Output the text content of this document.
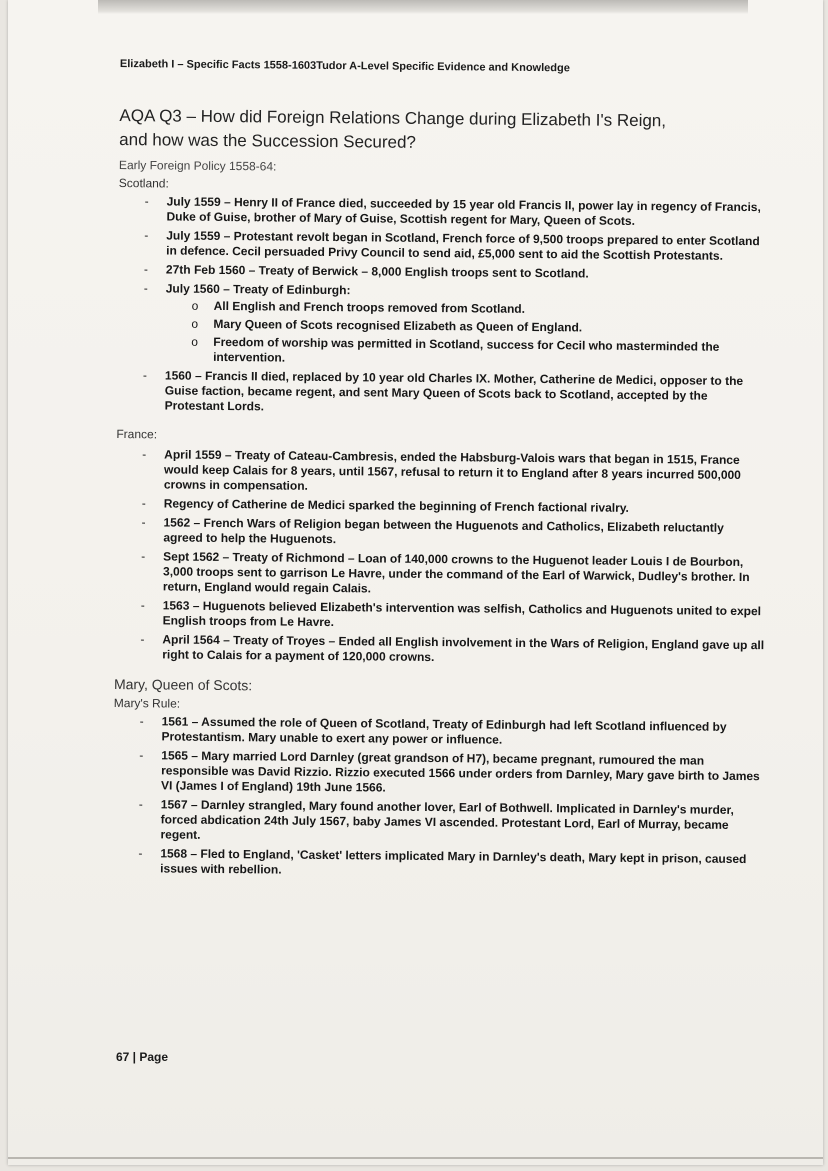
Elizabeth I – Specific Facts 1558-1603Tudor A-Level Specific Evidence and Knowledge

AQA Q3 – How did Foreign Relations Change during Elizabeth I's Reign,
and how was the Succession Secured?
Early Foreign Policy 1558-64:
Scotland:
- July 1559 – Henry II of France died, succeeded by 15 year old Francis II, power lay in regency of Francis, Duke of Guise, brother of Mary of Guise, Scottish regent for Mary, Queen of Scots.
- July 1559 – Protestant revolt began in Scotland, French force of 9,500 troops prepared to enter Scotland in defence. Cecil persuaded Privy Council to send aid, £5,000 sent to aid the Scottish Protestants.
- 27th Feb 1560 – Treaty of Berwick – 8,000 English troops sent to Scotland.
- July 1560 – Treaty of Edinburgh:
o All English and French troops removed from Scotland.
o Mary Queen of Scots recognised Elizabeth as Queen of England.
o Freedom of worship was permitted in Scotland, success for Cecil who masterminded the intervention.
- 1560 – Francis II died, replaced by 10 year old Charles IX. Mother, Catherine de Medici, opposer to the Guise faction, became regent, and sent Mary Queen of Scots back to Scotland, accepted by the Protestant Lords.
France:
- April 1559 – Treaty of Cateau-Cambresis, ended the Habsburg-Valois wars that began in 1515, France would keep Calais for 8 years, until 1567, refusal to return it to England after 8 years incurred 500,000 crowns in compensation.
- Regency of Catherine de Medici sparked the beginning of French factional rivalry.
- 1562 – French Wars of Religion began between the Huguenots and Catholics, Elizabeth reluctantly agreed to help the Huguenots.
- Sept 1562 – Treaty of Richmond – Loan of 140,000 crowns to the Huguenot leader Louis I de Bourbon, 3,000 troops sent to garrison Le Havre, under the command of the Earl of Warwick, Dudley's brother. In return, England would regain Calais.
- 1563 – Huguenots believed Elizabeth's intervention was selfish, Catholics and Huguenots united to expel English troops from Le Havre.
- April 1564 – Treaty of Troyes – Ended all English involvement in the Wars of Religion, England gave up all right to Calais for a payment of 120,000 crowns.
Mary, Queen of Scots:
Mary's Rule:
- 1561 – Assumed the role of Queen of Scotland, Treaty of Edinburgh had left Scotland influenced by Protestantism. Mary unable to exert any power or influence.
- 1565 – Mary married Lord Darnley (great grandson of H7), became pregnant, rumoured the man responsible was David Rizzio. Rizzio executed 1566 under orders from Darnley, Mary gave birth to James VI (James I of England) 19th June 1566.
- 1567 – Darnley strangled, Mary found another lover, Earl of Bothwell. Implicated in Darnley's murder, forced abdication 24th July 1567, baby James VI ascended. Protestant Lord, Earl of Murray, became regent.
- 1568 – Fled to England, 'Casket' letters implicated Mary in Darnley's death, Mary kept in prison, caused issues with rebellion.
67 | Page
